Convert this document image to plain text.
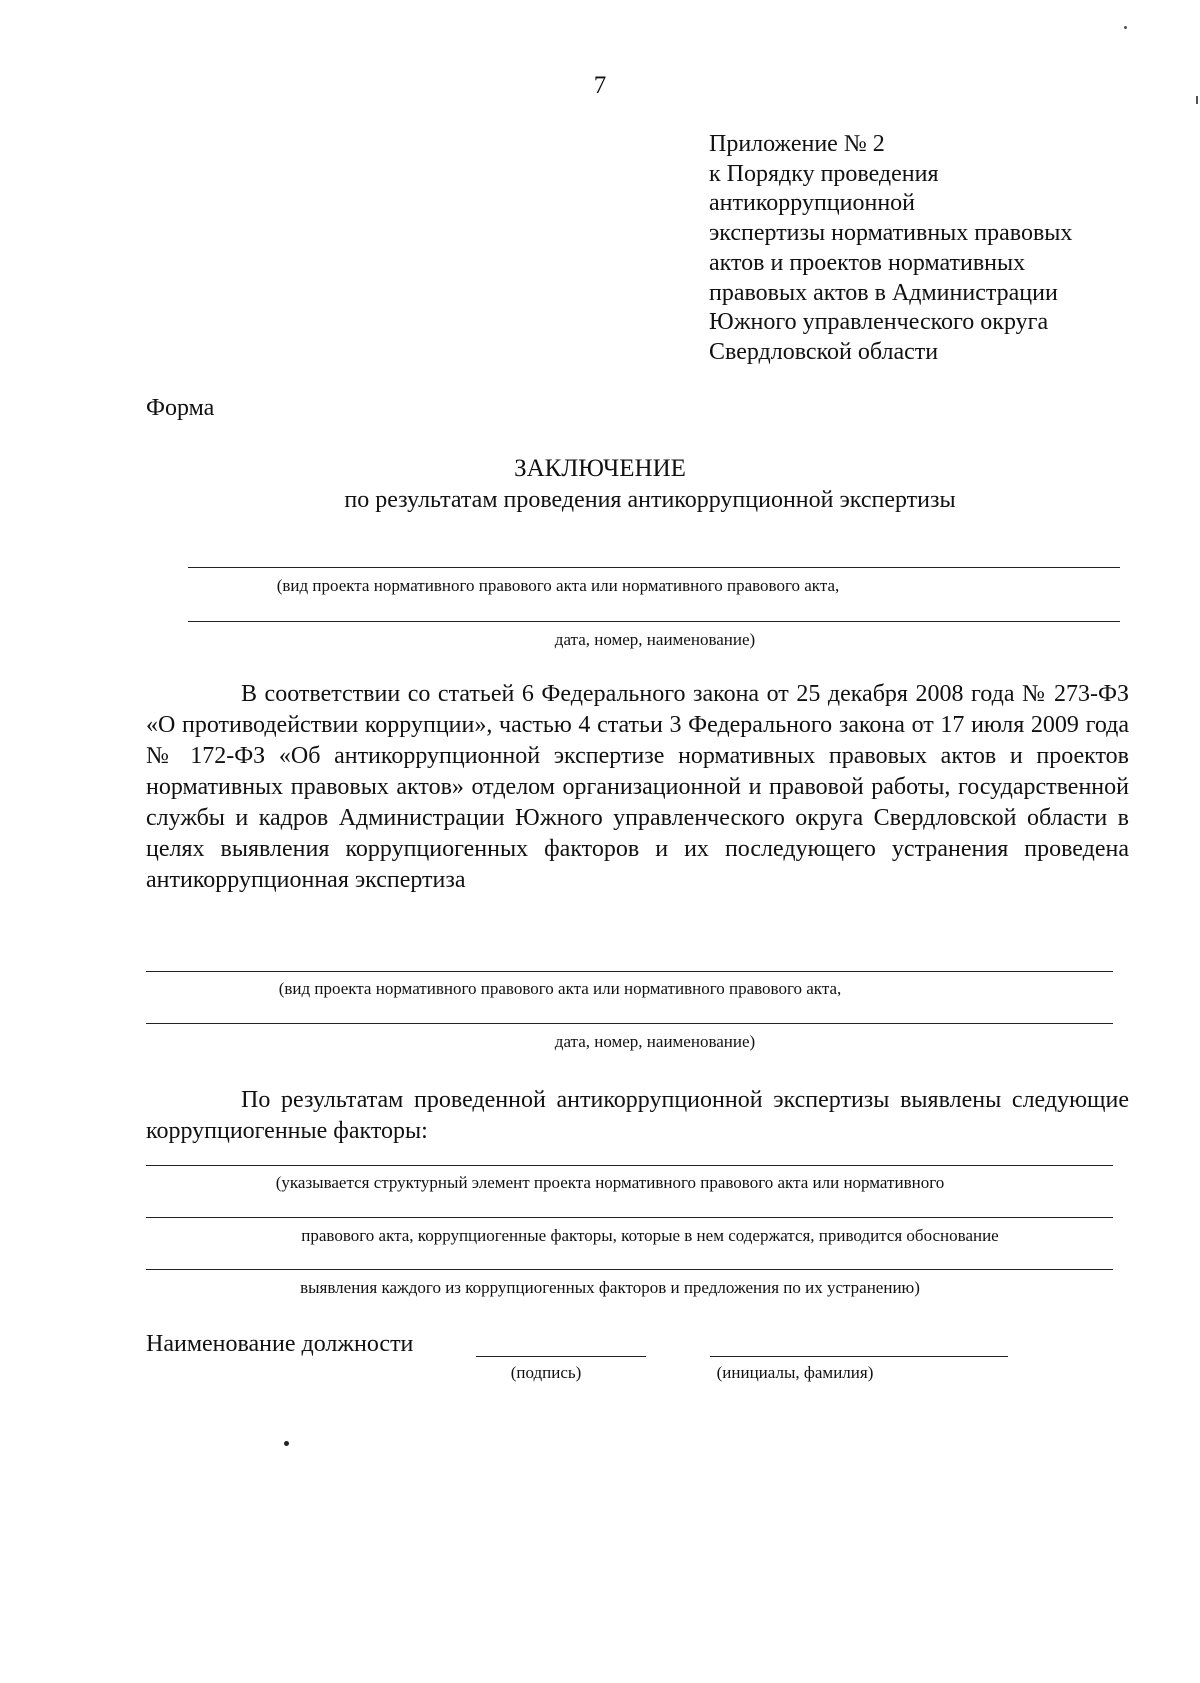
7
Приложение № 2
к Порядку проведения
антикоррупционной
экспертизы нормативных правовых
актов и проектов нормативных
правовых актов в Администрации
Южного управленческого округа
Свердловской области
Форма
ЗАКЛЮЧЕНИЕ
по результатам проведения антикоррупционной экспертизы
(вид проекта нормативного правового акта или нормативного правового акта,
дата, номер, наименование)
В соответствии со статьей 6 Федерального закона от 25 декабря 2008 года № 273-ФЗ «О противодействии коррупции», частью 4 статьи 3 Федерального закона от 17 июля 2009 года № 172-ФЗ «Об антикоррупционной экспертизе нормативных правовых актов и проектов нормативных правовых актов» отделом организационной и правовой работы, государственной службы и кадров Администрации Южного управленческого округа Свердловской области в целях выявления коррупциогенных факторов и их последующего устранения проведена антикоррупционная экспертиза
(вид проекта нормативного правового акта или нормативного правового акта,
дата, номер, наименование)
По результатам проведенной антикоррупционной экспертизы выявлены следующие коррупциогенные факторы:
(указывается структурный элемент проекта нормативного правового акта или нормативного
правового акта, коррупциогенные факторы, которые в нем содержатся, приводится обоснование
выявления каждого из коррупциогенных факторов и предложения по их устранению)
Наименование должности
(подпись)	(инициалы, фамилия)
